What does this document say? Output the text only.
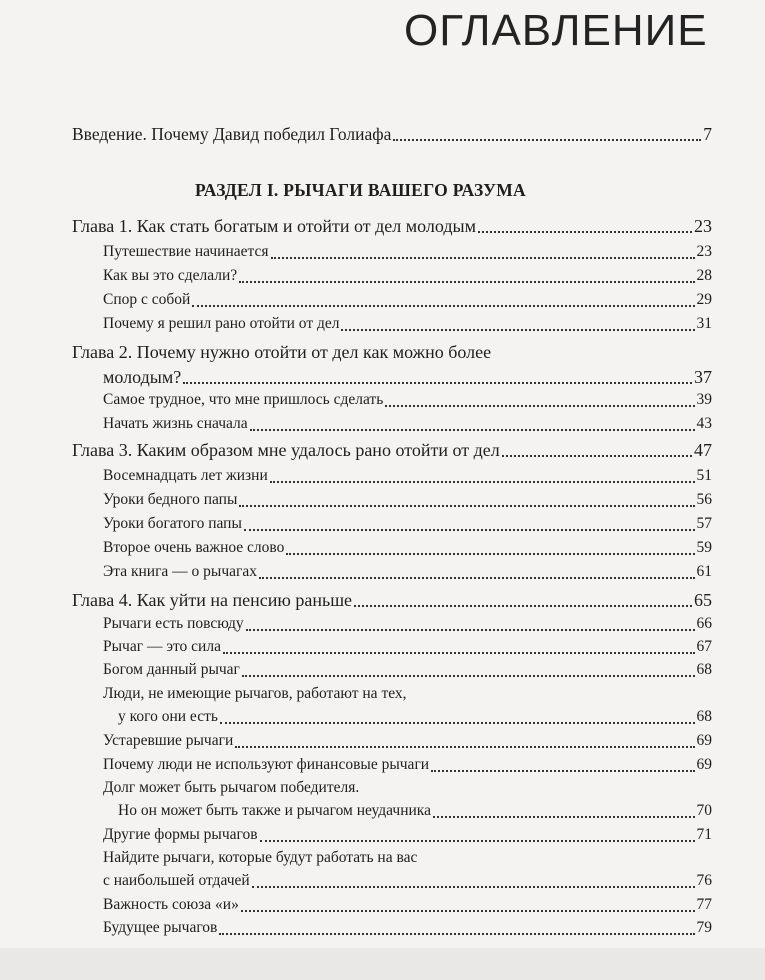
ОГЛАВЛЕНИЕ
Введение. Почему Давид победил Голиафа	7
РАЗДЕЛ I. РЫЧАГИ ВАШЕГО РАЗУМА
Глава 1. Как стать богатым и отойти от дел молодым	23
Путешествие начинается	23
Как вы это сделали?	28
Спор с собой	29
Почему я решил рано отойти от дел	31
Глава 2. Почему нужно отойти от дел как можно более
молодым?	37
Самое трудное, что мне пришлось сделать	39
Начать жизнь сначала	43
Глава 3. Каким образом мне удалось рано отойти от дел	47
Восемнадцать лет жизни	51
Уроки бедного папы	56
Уроки богатого папы	57
Второе очень важное слово	59
Эта книга — о рычагах	61
Глава 4. Как уйти на пенсию раньше	65
Рычаги есть повсюду	66
Рычаг — это сила	67
Богом данный рычаг	68
Люди, не имеющие рычагов, работают на тех,
у кого они есть	68
Устаревшие рычаги	69
Почему люди не используют финансовые рычаги	69
Долг может быть рычагом победителя.
Но он может быть также и рычагом неудачника	70
Другие формы рычагов	71
Найдите рычаги, которые будут работать на вас
с наибольшей отдачей	76
Важность союза «и»	77
Будущее рычагов	79
